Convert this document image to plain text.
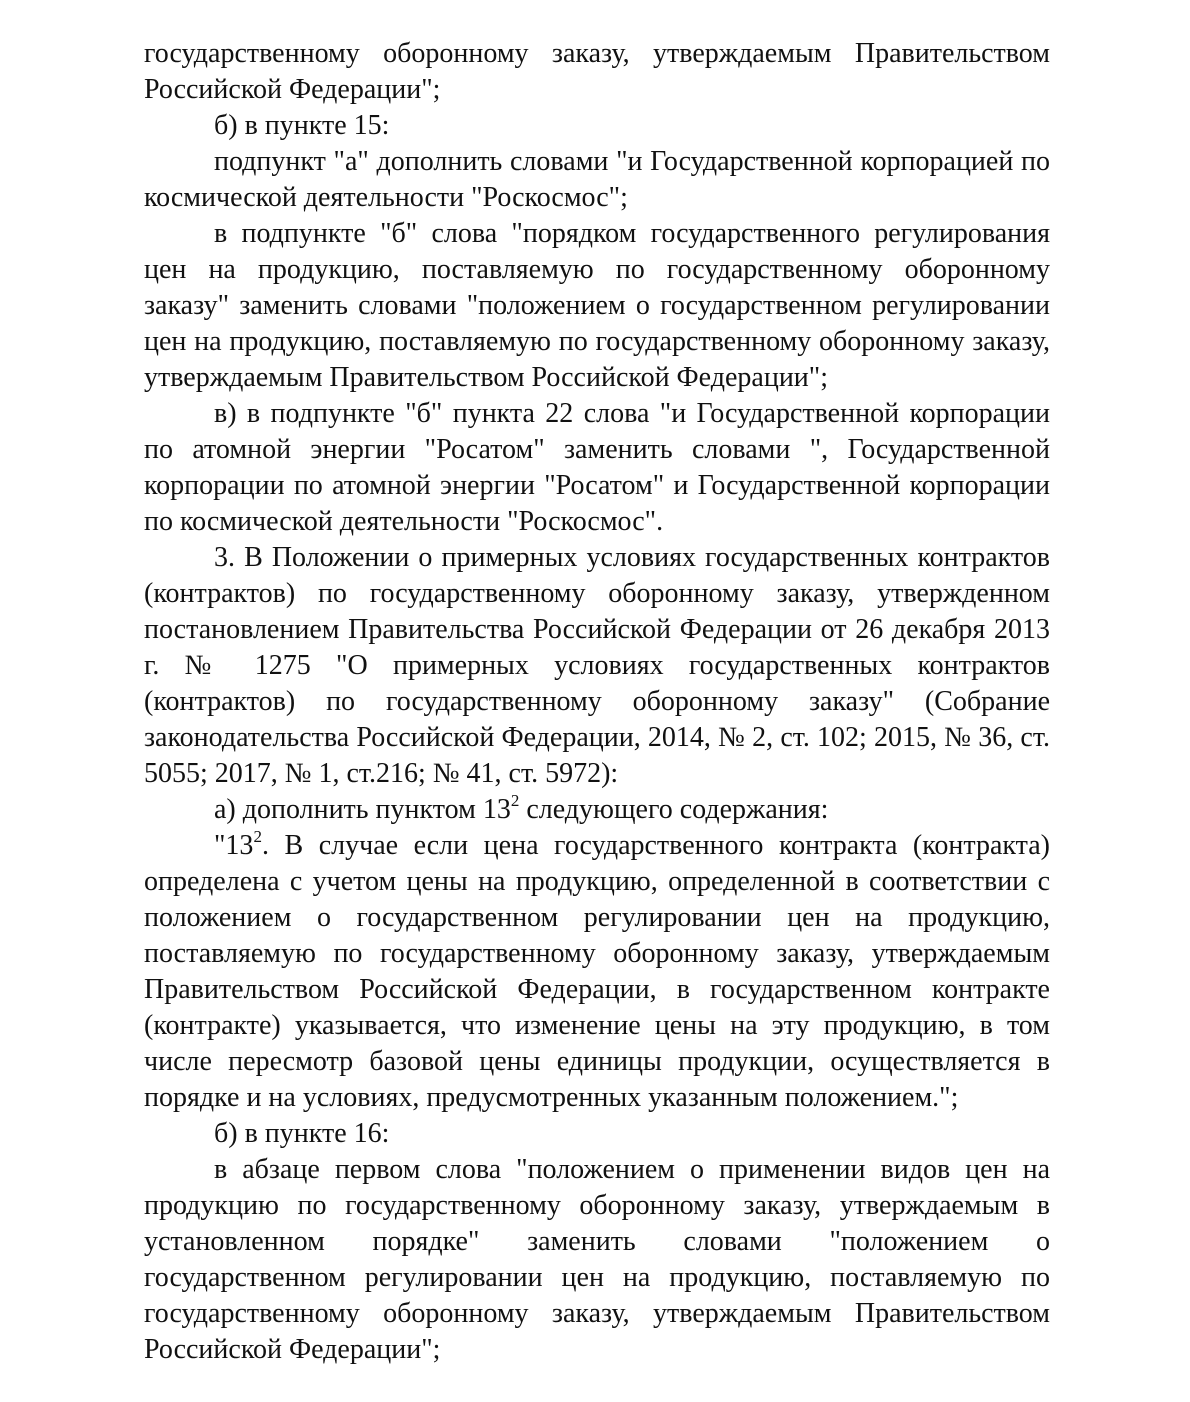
государственному оборонному заказу, утверждаемым Правительством Российской Федерации";

б) в пункте 15:

подпункт "а" дополнить словами "и Государственной корпорацией по космической деятельности "Роскосмос";

в подпункте "б" слова "порядком государственного регулирования цен на продукцию, поставляемую по государственному оборонному заказу" заменить словами "положением о государственном регулировании цен на продукцию, поставляемую по государственному оборонному заказу, утверждаемым Правительством Российской Федерации";

в) в подпункте "б" пункта 22 слова "и Государственной корпорации по атомной энергии "Росатом" заменить словами ", Государственной корпорации по атомной энергии "Росатом" и Государственной корпорации по космической деятельности "Роскосмос".

3. В Положении о примерных условиях государственных контрактов (контрактов) по государственному оборонному заказу, утвержденном постановлением Правительства Российской Федерации от 26 декабря 2013 г. № 1275 "О примерных условиях государственных контрактов (контрактов) по государственному оборонному заказу" (Собрание законодательства Российской Федерации, 2014, № 2, ст. 102; 2015, № 36, ст. 5055; 2017, № 1, ст.216; № 41, ст. 5972):

а) дополнить пунктом $13^2$ следующего содержания:

"$13^2$. В случае если цена государственного контракта (контракта) определена с учетом цены на продукцию, определенной в соответствии с положением о государственном регулировании цен на продукцию, поставляемую по государственному оборонному заказу, утверждаемым Правительством Российской Федерации, в государственном контракте (контракте) указывается, что изменение цены на эту продукцию, в том числе пересмотр базовой цены единицы продукции, осуществляется в порядке и на условиях, предусмотренных указанным положением.";

б) в пункте 16:

в абзаце первом слова "положением о применении видов цен на продукцию по государственному оборонному заказу, утверждаемым в установленном порядке" заменить словами "положением о государственном регулировании цен на продукцию, поставляемую по государственному оборонному заказу, утверждаемым Правительством Российской Федерации";
